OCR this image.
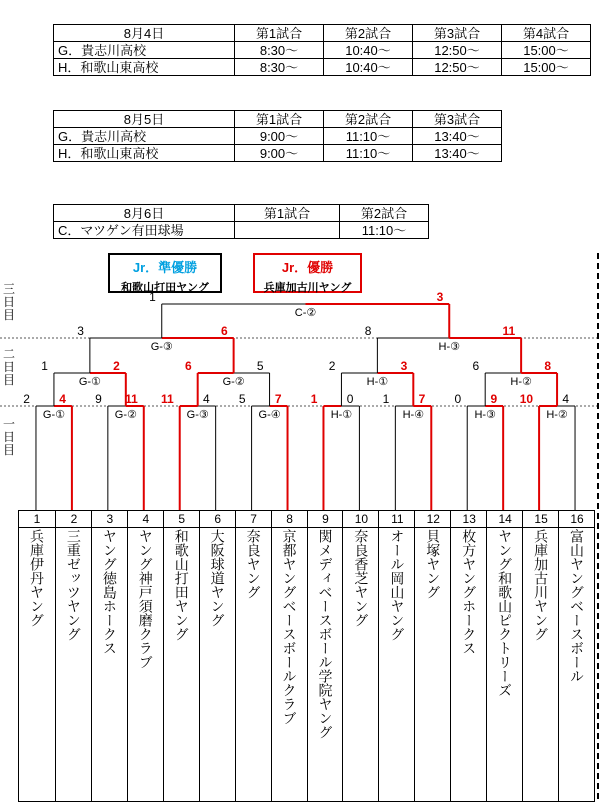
8月4日	第1試合	第2試合	第3試合	第4試合
G．貴志川高校	8:30～	10:40～	12:50～	15:00～
H．和歌山東高校	8:30～	10:40～	12:50～	15:00～
8月5日	第1試合	第2試合	第3試合
G．貴志川高校	9:00～	11:10～	13:40～
H．和歌山東高校	9:00～	11:10～	13:40～
8月6日	第1試合	第2試合
C．マツゲン有田球場		11:10～
Jr．準優勝
和歌山打田ヤング
Jr．優勝
兵庫加古川ヤング
三日目
二日目
一日目
G-①
2 4
G-②
9 11
G-③
11 4
G-④
5 7
H-①
1 0
H-④
1 7
H-③
0 9
H-②
10 4
G-①
1	2
G-②
6	5
H-①
2	3
H-②
6	8
G-③
3	6
H-③
8	11
C-②
1	3
1
兵庫伊丹ヤング
2
三重ゼッツヤング
3
ヤング徳島ホークス
4
ヤング神戸須磨クラブ
5
和歌山打田ヤング
6
大阪球道ヤング
7
奈良ヤング
8
京都ヤングベースボールクラブ
9
関メディベースボール学院ヤング
10
奈良香芝ヤング
11
オール岡山ヤング
12
貝塚ヤング
13
枚方ヤングホークス
14
ヤング和歌山ピクトリーズ
15
兵庫加古川ヤング
16
富山ヤングベースボール
